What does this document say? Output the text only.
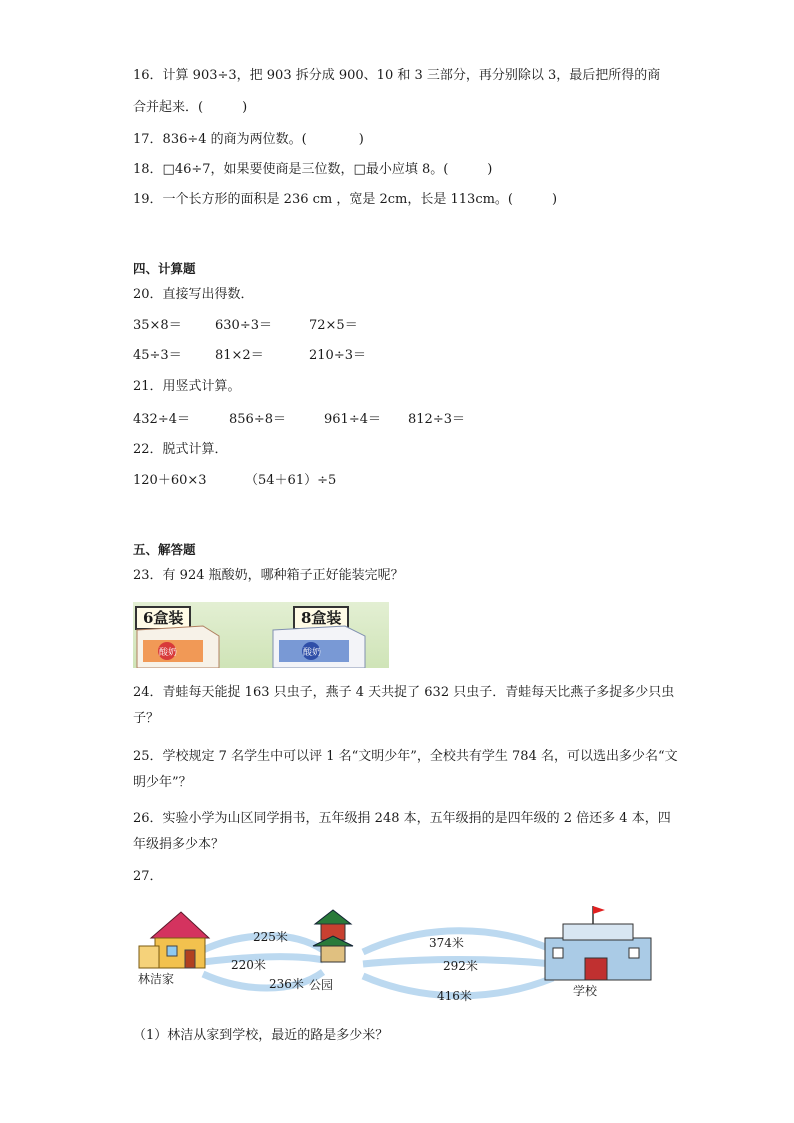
16．计算 903÷3，把 903 拆分成 900、10 和 3 三部分，再分别除以 3，最后把所得的商
合并起来．(　　　)
17．836÷4 的商为两位数。(　　　　)
18．□46÷7，如果要使商是三位数，□最小应填 8。(　　　)
19．一个长方形的面积是 236 cm ，宽是 2cm，长是 113cm。(　　　)
四、计算题
20．直接写出得数．
35×8＝	630÷3＝	72×5＝
45÷3＝	81×2＝	210÷3＝
21．用竖式计算。
432÷4＝	856÷8＝	961÷4＝ 812÷3＝
22．脱式计算．
120＋60×3	（54＋61）÷5
五、解答题
23．有 924 瓶酸奶，哪种箱子正好能装完呢？
6盒装	8盒装
酸奶	酸奶
24．青蛙每天能捉 163 只虫子，燕子 4 天共捉了 632 只虫子．青蛙每天比燕子多捉多少只虫子？
25．学校规定 7 名学生中可以评 1 名“文明少年”，全校共有学生 784 名，可以选出多少名“文明少年”？
26．实验小学为山区同学捐书，五年级捐 248 本，五年级捐的是四年级的 2 倍还多 4 本，四年级捐多少本？
27．
林洁家	公园	学校
225米
220米
236米
374米
292米
416米
（1）林洁从家到学校，最近的路是多少米？
